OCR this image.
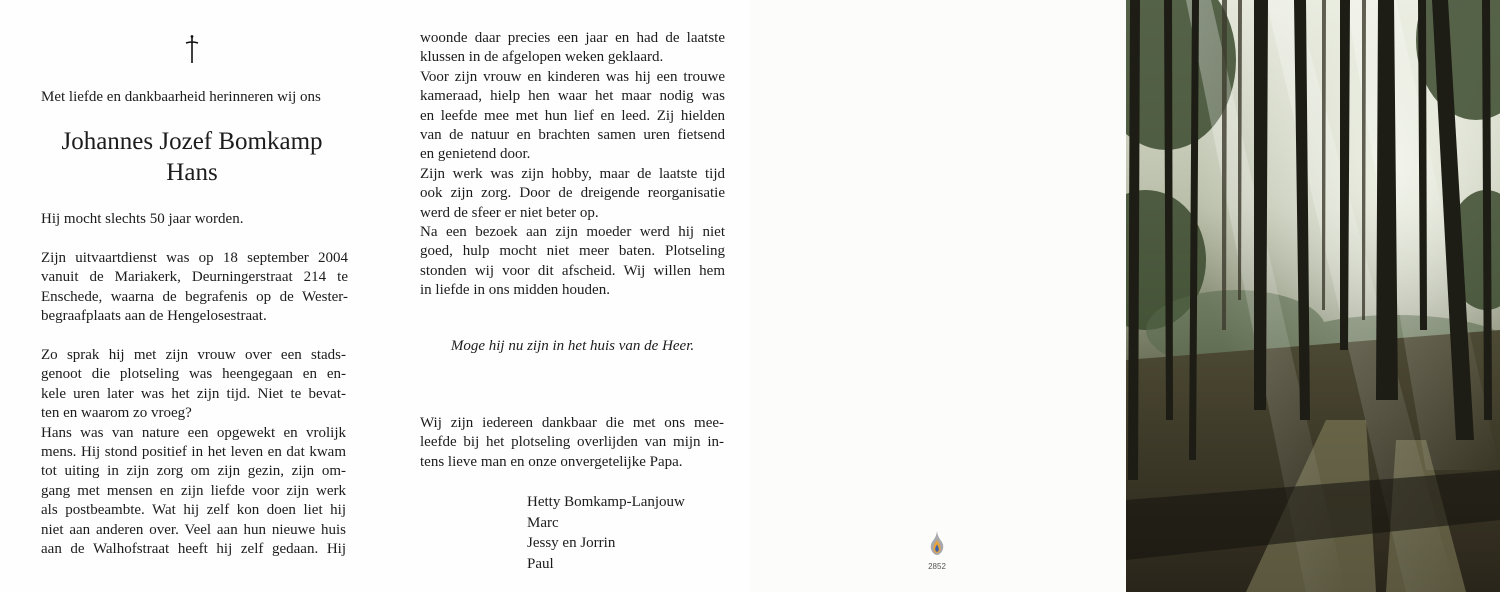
Met liefde en dankbaarheid herinneren wij ons
Johannes Jozef Bomkamp
Hans
Hij mocht slechts 50 jaar worden.
Zijn uitvaartdienst was op 18 september 2004
vanuit de Mariakerk, Deurningerstraat 214 te
Enschede, waarna de begrafenis op de Wester-
begraafplaats aan de Hengelosestraat.
Zo sprak hij met zijn vrouw over een stads-
genoot die plotseling was heengegaan en en-
kele uren later was het zijn tijd. Niet te bevat-
ten en waarom zo vroeg?
Hans was van nature een opgewekt en vrolijk
mens. Hij stond positief in het leven en dat kwam
tot uiting in zijn zorg om zijn gezin, zijn om-
gang met mensen en zijn liefde voor zijn werk
als postbeambte. Wat hij zelf kon doen liet hij
niet aan anderen over. Veel aan hun nieuwe huis
aan de Walhofstraat heeft hij zelf gedaan. Hij
woonde daar precies een jaar en had de laatste
klussen in de afgelopen weken geklaard.
Voor zijn vrouw en kinderen was hij een trouwe
kameraad, hielp hen waar het maar nodig was
en leefde mee met hun lief en leed. Zij hielden
van de natuur en brachten samen uren fietsend
en genietend door.
Zijn werk was zijn hobby, maar de laatste tijd
ook zijn zorg. Door de dreigende reorganisatie
werd de sfeer er niet beter op.
Na een bezoek aan zijn moeder werd hij niet
goed, hulp mocht niet meer baten. Plotseling
stonden wij voor dit afscheid. Wij willen hem
in liefde in ons midden houden.
Moge hij nu zijn in het huis van de Heer.
Wij zijn iedereen dankbaar die met ons mee-
leefde bij het plotseling overlijden van mijn in-
tens lieve man en onze onvergetelijke Papa.
Hetty Bomkamp-Lanjouw
Marc
Jessy en Jorrin
Paul	2852
